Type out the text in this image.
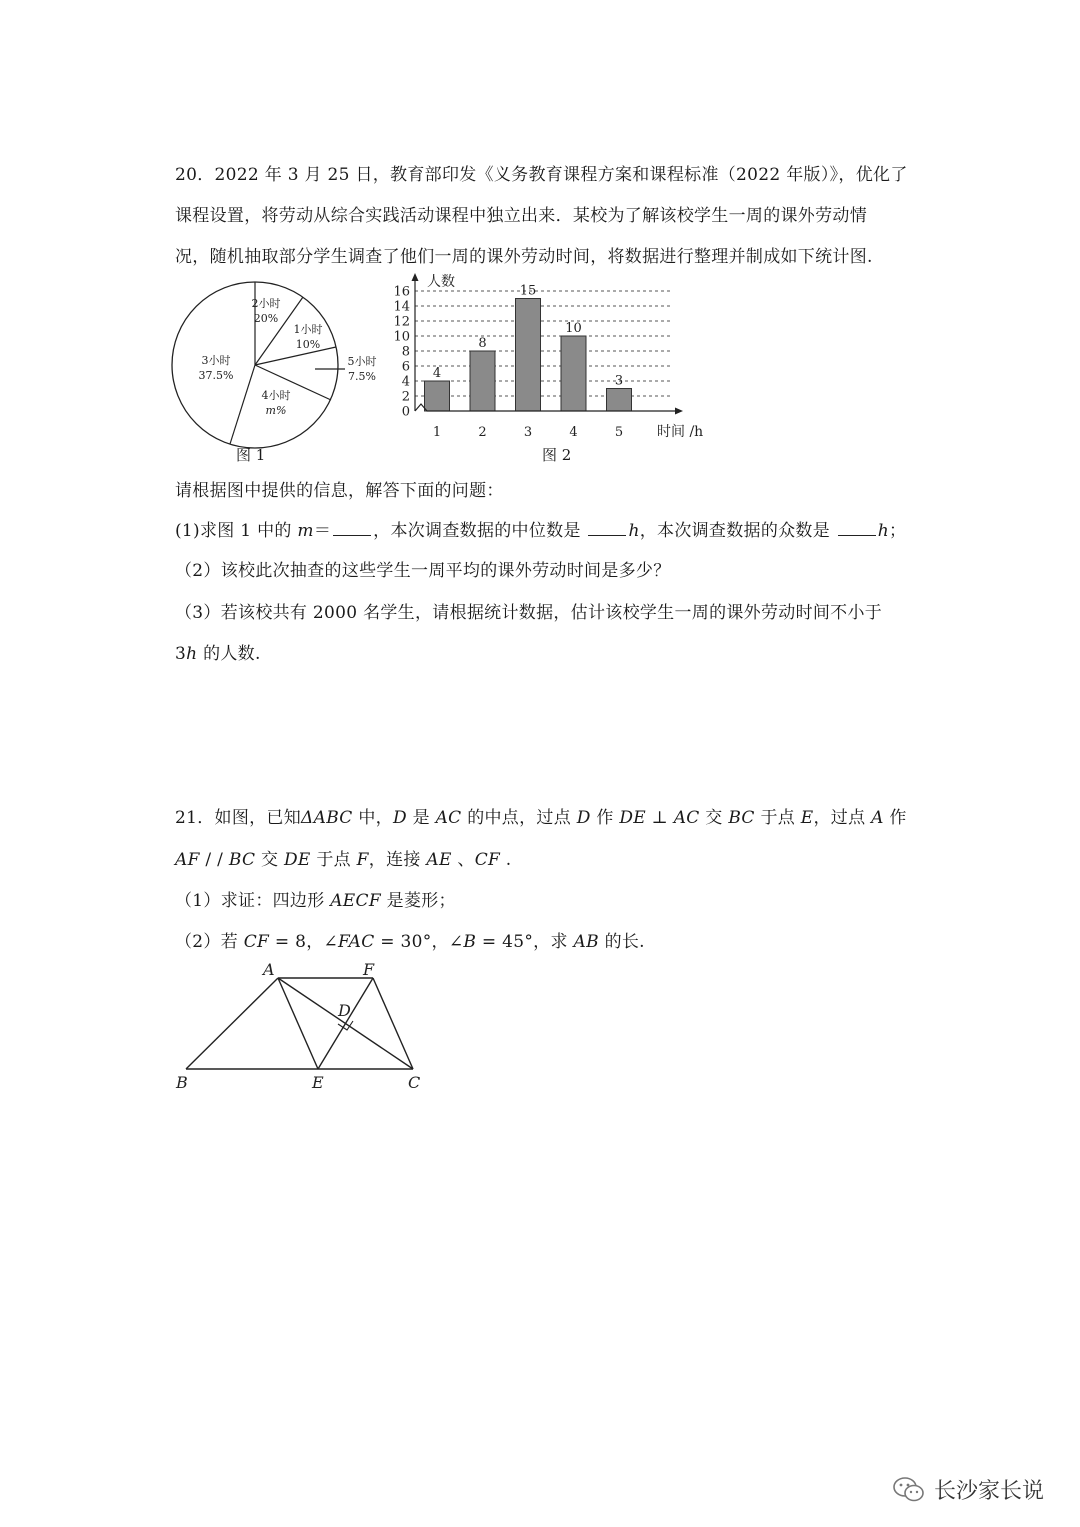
20．2022 年 3 月 25 日，教育部印发《义务教育课程方案和课程标准（2022 年版）》，优化了
课程设置，将劳动从综合实践活动课程中独立出来．某校为了解该校学生一周的课外劳动情
况，随机抽取部分学生调查了他们一周的课外劳动时间，将数据进行整理并制成如下统计图.
2小时
20%
1小时
10%
3小时
37.5%
4小时
m%
5小时
7.5%
图 1
0
2
4
6
8
10
12
14
16
4
1
8
2
15
3
10
4
3
5
人数
时间 /h
图 2
请根据图中提供的信息，解答下面的问题：
(1)求图 1 中的 m＝ ，本次调查数据的中位数是 h，本次调查数据的众数是 h；
（2）该校此次抽查的这些学生一周平均的课外劳动时间是多少？
（3）若该校共有 2000 名学生，请根据统计数据，估计该校学生一周的课外劳动时间不小于
3h 的人数.
21．如图，已知ΔABC 中，D 是 AC 的中点，过点 D 作 DE ⊥ AC 交 BC 于点 E，过点 A 作
AF / / BC 交 DE 于点 F，连接 AE 、CF .
（1）求证：四边形 AECF 是菱形；
（2）若 CF = 8，∠FAC = 30°，∠B = 45°，求 AB 的长.
A	F
D
B	E	C
长沙家长说
